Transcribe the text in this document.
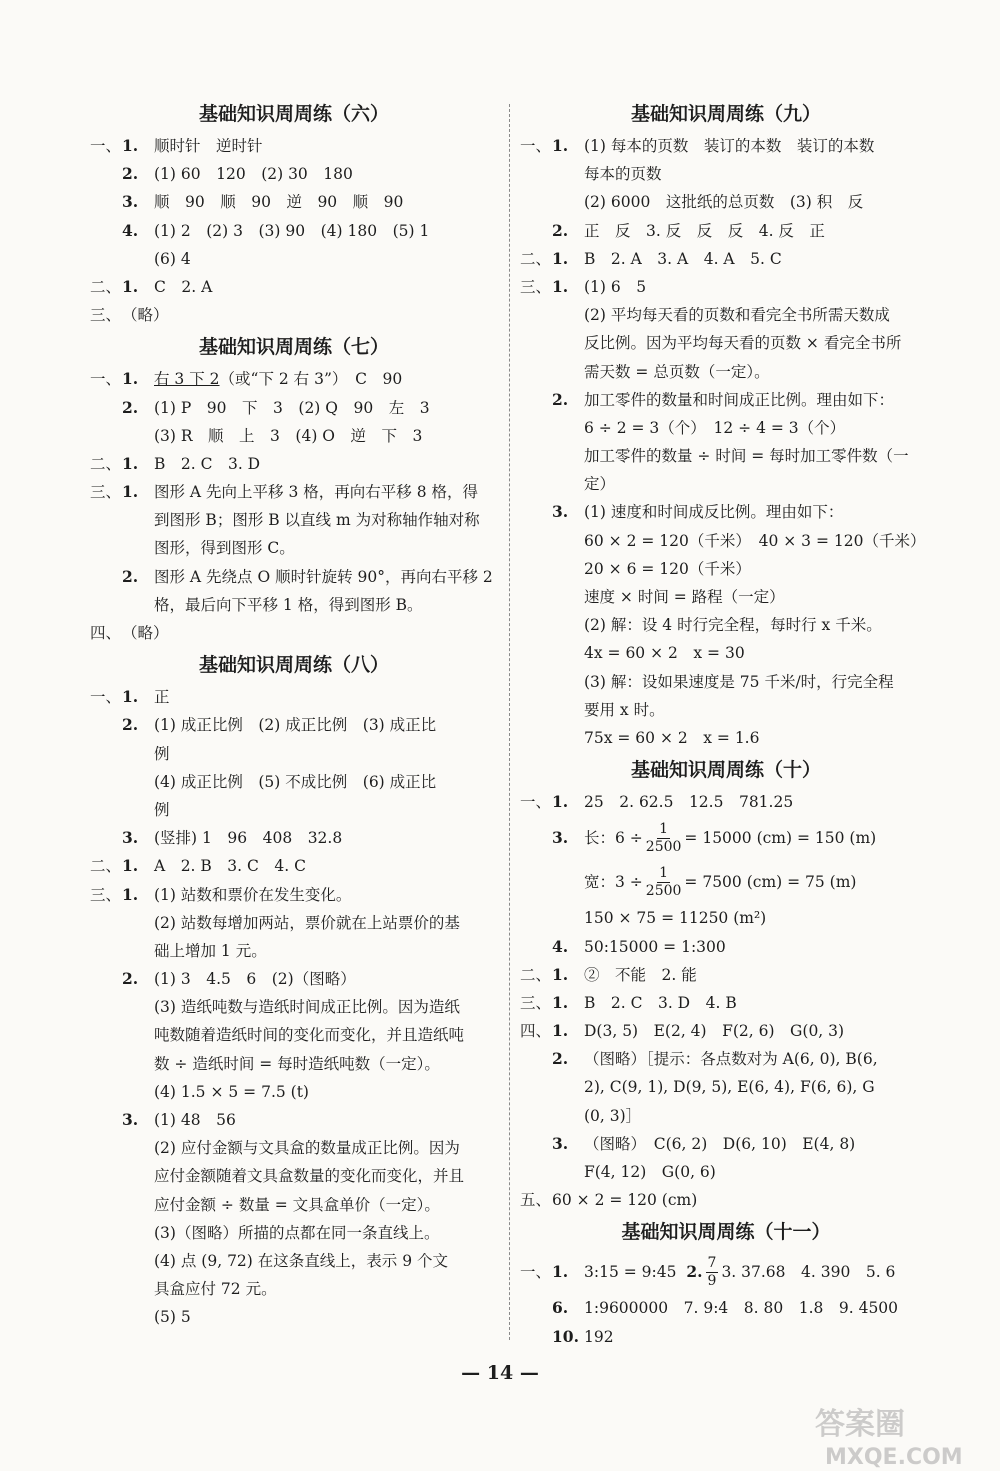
基础知识周周练（六）
一、 1.	顺时针　逆时针
2.	(1) 60　120　(2) 30　180
3.	顺　90　顺　90　逆　90　顺　90
4.	(1) 2　(2) 3　(3) 90　(4) 180　(5) 1
(6) 4
二、 1.	C　2. A
三、 （略）
基础知识周周练（七）
一、 1.	右 3 下 2 （或“下 2 右 3”）　C　90
2.	(1) P　90　下　3　(2) Q　90　左　3
(3) R　顺　上　3　(4) O　逆　下　3
二、 1.	B　2. C　3. D
三、 1.	图形 A 先向上平移 3 格，再向右平移 8 格，得
到图形 B；图形 B 以直线 m 为对称轴作轴对称
图形，得到图形 C。
2.	图形 A 先绕点 O 顺时针旋转 90°，再向右平移 2
格，最后向下平移 1 格，得到图形 B。
四、 （略）
基础知识周周练（八）
一、 1.	正
2.	(1) 成正比例　(2) 成正比例　(3) 成正比
例
(4) 成正比例　(5) 不成比例　(6) 成正比
例
3.	(竖排) 1　96　408　32.8
二、 1.	A　2. B　3. C　4. C
三、 1.	(1) 站数和票价在发生变化。
(2) 站数每增加两站，票价就在上站票价的基
础上增加 1 元。
2.	(1) 3　4.5　6　(2)（图略）
(3) 造纸吨数与造纸时间成正比例。因为造纸
吨数随着造纸时间的变化而变化，并且造纸吨
数 ÷ 造纸时间 = 每时造纸吨数（一定）。
(4) 1.5 × 5 = 7.5 (t)
3.	(1) 48　56
(2) 应付金额与文具盒的数量成正比例。因为
应付金额随着文具盒数量的变化而变化，并且
应付金额 ÷ 数量 = 文具盒单价（一定）。
(3)（图略）所描的点都在同一条直线上。
(4) 点 (9, 72) 在这条直线上，表示 9 个文
具盒应付 72 元。
(5) 5
基础知识周周练（九）
一、 1.	(1) 每本的页数　装订的本数　装订的本数
每本的页数
(2) 6000　这批纸的总页数　(3) 积　反
2.	正　反　3. 反　反　反　4. 反　正
二、 1.	B　2. A　3. A　4. A　5. C
三、 1.	(1) 6　5
(2) 平均每天看的页数和看完全书所需天数成
反比例。因为平均每天看的页数 × 看完全书所
需天数 = 总页数（一定）。
2.	加工零件的数量和时间成正比例。理由如下：
6 ÷ 2 = 3（个）　12 ÷ 4 = 3（个）
加工零件的数量 ÷ 时间 = 每时加工零件数（一
定）
3.	(1) 速度和时间成反比例。理由如下：
60 × 2 = 120（千米）　40 × 3 = 120（千米）
20 × 6 = 120（千米）
速度 × 时间 = 路程（一定）
(2) 解：设 4 时行完全程，每时行 x 千米。
4x = 60 × 2　x = 30
(3) 解：设如果速度是 75 千米/时，行完全程
要用 x 时。
75x = 60 × 2　x = 1.6
基础知识周周练（十）
一、 1.	25　2. 62.5　12.5　781.25
3.	长：$6 \div \frac{1}{2500} = 15000$ (cm) = 150 (m)
宽：$3 \div \frac{1}{2500} = 7500$ (cm) = 75 (m)
150 × 75 = 11250 (m²)
4.	50:15000 = 1:300
二、 1.	②　不能　2. 能
三、 1.	B　2. C　3. D　4. B
四、 1.	D(3, 5)　E(2, 4)　F(2, 6)　G(0, 3)
2.	（图略）［提示：各点数对为 A(6, 0), B(6,
2), C(9, 1), D(9, 5), E(6, 4), F(6, 6), G
(0, 3)］
3.	（图略）　C(6, 2)　D(6, 10)　E(4, 8)
F(4, 12)　G(0, 6)
五、 60 × 2 = 120 (cm)
基础知识周周练（十一）
一、 1.	3:15 = 9:45
2. $\frac{7}{9} 3$. 37.68　4. 390　5. 6
6.	1:9600000　7. 9:4　8. 80　1.8　9. 4500
10. 192
— 14 —
答案圈
MXQE.COM
